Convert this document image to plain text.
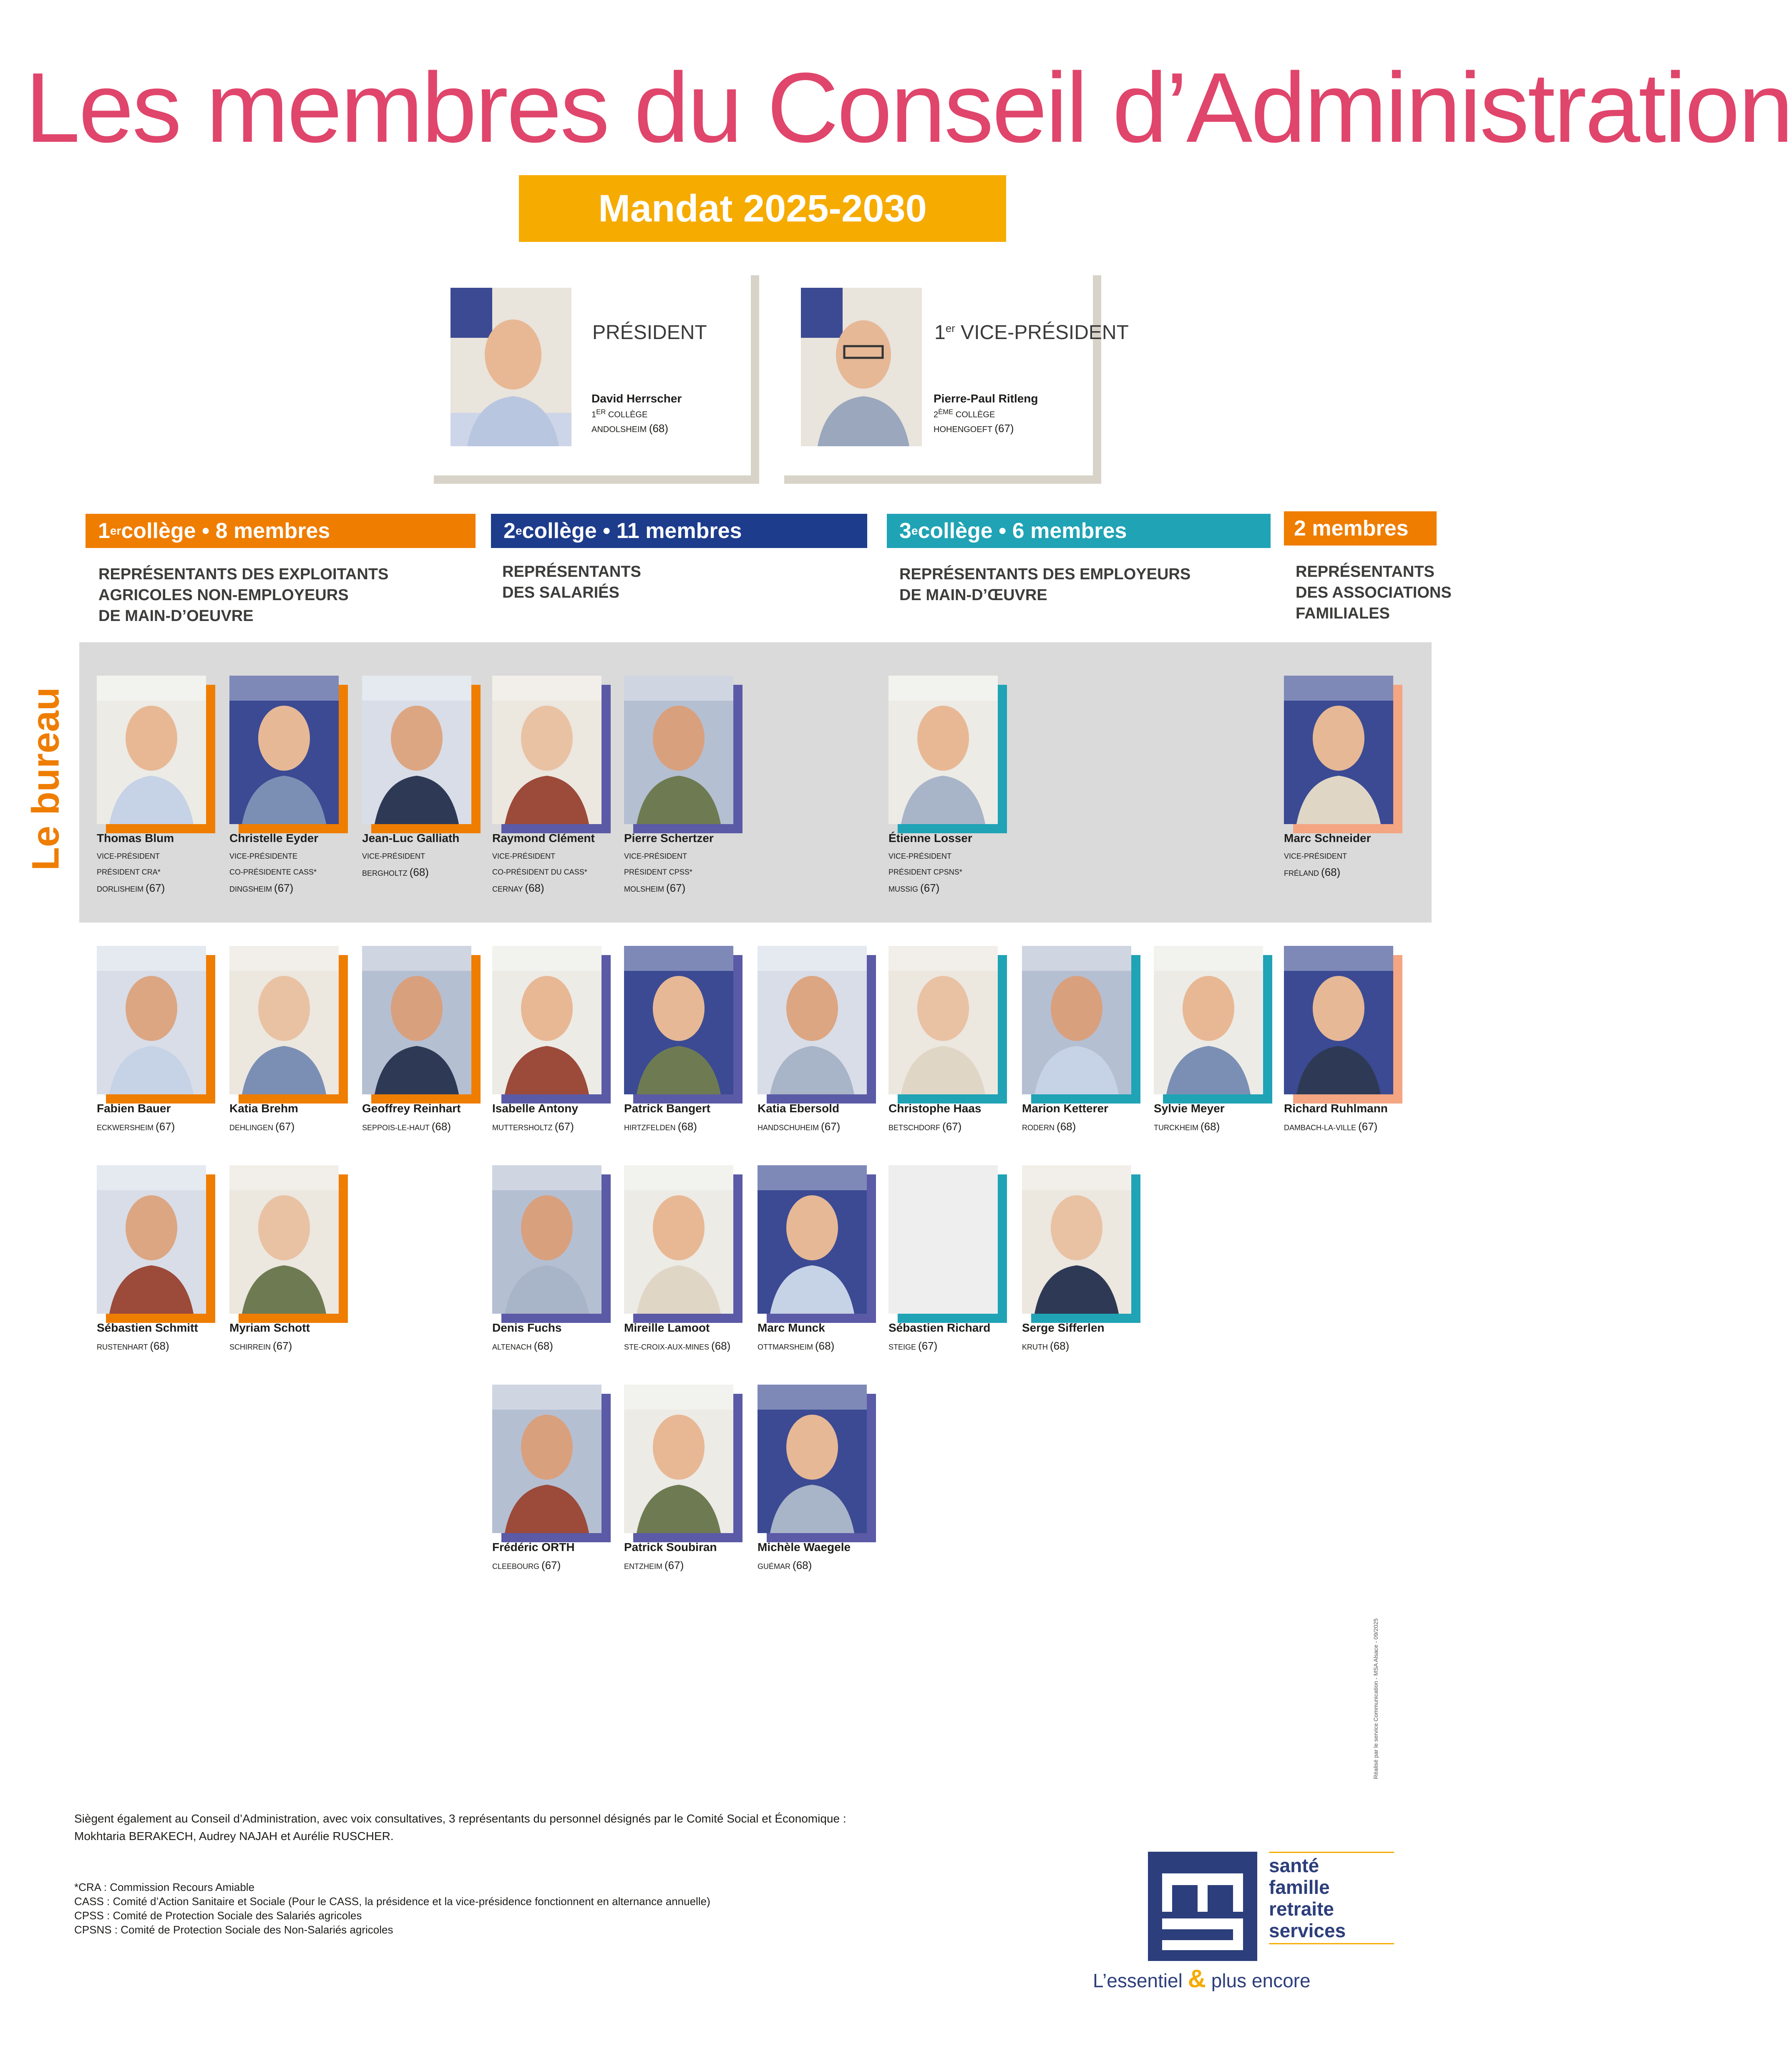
Les membres du Conseil d’Administration
Mandat 2025-2030
PRÉSIDENT
David Herrscher
1ER COLLÈGE
ANDOLSHEIM (68)
1er VICE-PRÉSIDENT
Pierre-Paul Ritleng
2ÈME COLLÈGE
HOHENGOEFT (67)
1 er collège • 8 membres	2 e collège • 11 membres	3 e collège • 6 membres	2 membres
REPRÉSENTANTS DES EXPLOITANTS
AGRICOLES NON-EMPLOYEURS
DE MAIN-D’OEUVRE
REPRÉSENTANTS
DES SALARIÉS
REPRÉSENTANTS DES EMPLOYEURS
DE MAIN-D’ŒUVRE
REPRÉSENTANTS
DES ASSOCIATIONS
FAMILIALES
Le bureau	Thomas Blum
VICE-PRÉSIDENT
PRÉSIDENT CRA*
DORLISHEIM (67)
Christelle Eyder
VICE-PRÉSIDENTE
CO-PRÉSIDENTE CASS*
DINGSHEIM (67)
Jean-Luc Galliath
VICE-PRÉSIDENT
BERGHOLTZ (68)
Raymond Clément
VICE-PRÉSIDENT
CO-PRÉSIDENT DU CASS*
CERNAY (68)
Pierre Schertzer
VICE-PRÉSIDENT
PRÉSIDENT CPSS*
MOLSHEIM (67)
Étienne Losser
VICE-PRÉSIDENT
PRÉSIDENT CPSNS*
MUSSIG (67)
Marc Schneider
VICE-PRÉSIDENT
FRÉLAND (68)
Fabien Bauer
ECKWERSHEIM (67)
Katia Brehm
DEHLINGEN (67)
Geoffrey Reinhart
SEPPOIS-LE-HAUT (68)
Isabelle Antony
MUTTERSHOLTZ (67)
Patrick Bangert
HIRTZFELDEN (68)
Katia Ebersold
HANDSCHUHEIM (67)
Christophe Haas
BETSCHDORF (67)
Marion Ketterer
RODERN (68)
Sylvie Meyer
TURCKHEIM (68)
Richard Ruhlmann
DAMBACH-LA-VILLE (67)
Sébastien Schmitt
RUSTENHART (68)
Myriam Schott
SCHIRREIN (67)
Denis Fuchs
ALTENACH (68)
Mireille Lamoot
STE-CROIX-AUX-MINES (68)
Marc Munck
OTTMARSHEIM (68)
Sébastien Richard
STEIGE (67)
Serge Sifferlen
KRUTH (68)
Frédéric ORTH
CLEEBOURG (67)
Patrick Soubiran
ENTZHEIM (67)
Michèle Waegele
GUÉMAR (68)
Siègent également au Conseil d’Administration, avec voix consultatives, 3 représentants du personnel désignés par le Comité Social et Économique :
Mokhtaria BERAKECH, Audrey NAJAH et Aurélie RUSCHER.
*CRA : Commission Recours Amiable
CASS : Comité d’Action Sanitaire et Sociale (Pour le CASS, la présidence et la vice-présidence fonctionnent en alternance annuelle)
CPSS : Comité de Protection Sociale des Salariés agricoles
CPSNS : Comité de Protection Sociale des Non-Salariés agricoles
Réalisé par le service Communication - MSA Alsace - 09/2025
santé
famille
retraite
services
L’essentiel & plus encore
